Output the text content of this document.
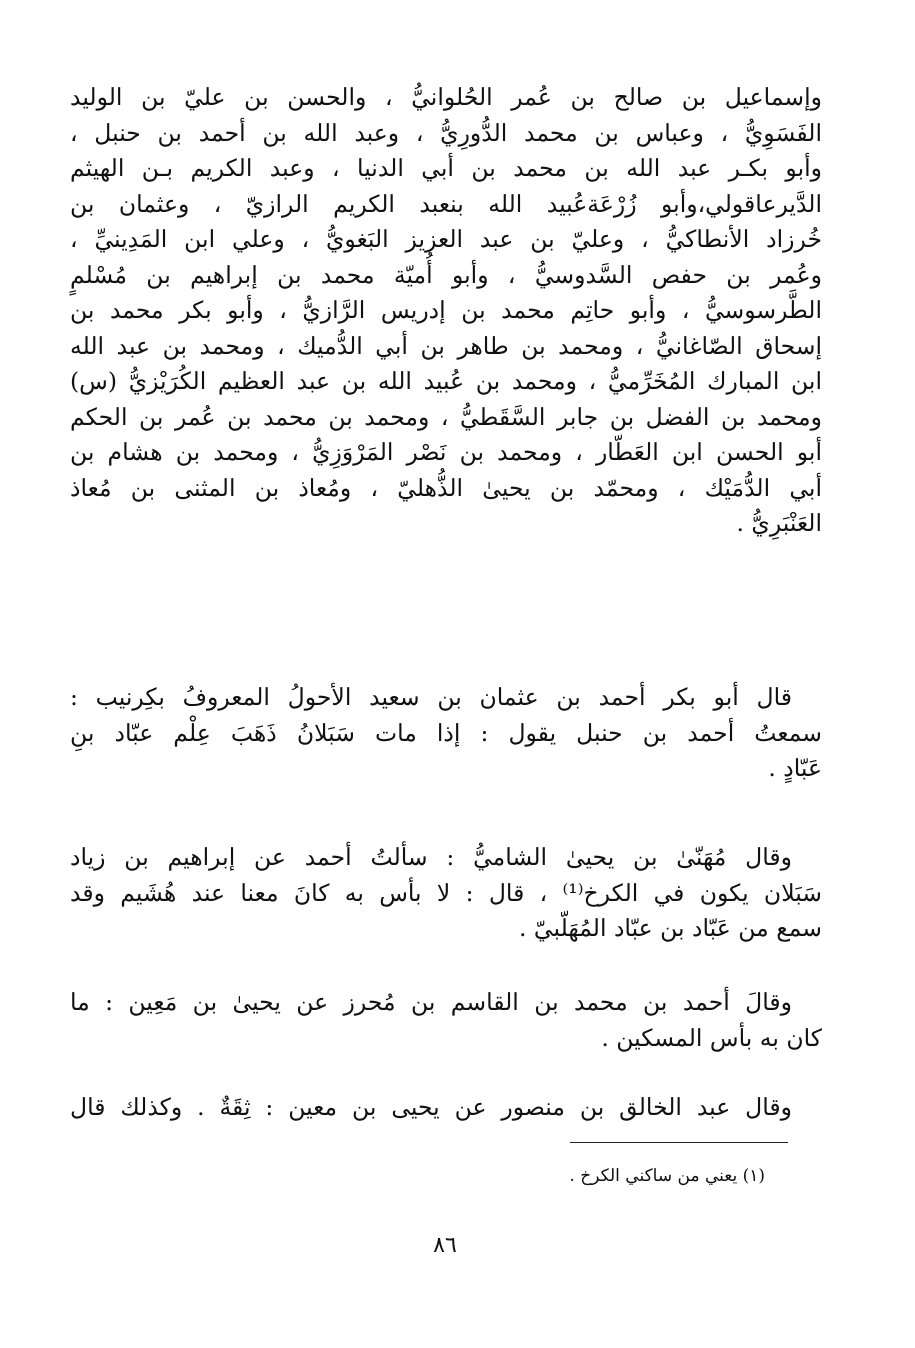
وإسماعيل بن صالح بن عُمر الحُلوانيُّ ، والحسن بن عليّ بن الوليد
الفَسَوِيُّ ، وعباس بن محمد الدُّورِيُّ ، وعبد الله بن أحمد بن حنبل ،
وأبو بكـر عبد الله بن محمد بن أبي الدنيا ، وعبد الكريم بـن الهيثم
الدَّيرعاقولي،وأبو زُرْعَةعُبيد الله بنعبد الكريم الرازيّ ، وعثمان بن
خُرزاد الأنطاكيُّ ، وعليّ بن عبد العزيز البَغويُّ ، وعلي ابن المَدِينيِّ ،
وعُمر بن حفص السَّدوسيُّ ، وأبو أُميّة محمد بن إبراهيم بن مُسْلمٍ
الطَّرسوسيُّ ، وأبو حاتِم محمد بن إدريس الرَّازيُّ ، وأبو بكر محمد بن
إسحاق الصّاغانيُّ ، ومحمد بن طاهر بن أبي الدُّميك ، ومحمد بن عبد الله
ابن المبارك المُخَرِّميُّ ، ومحمد بن عُبيد الله بن عبد العظيم الكُرَيْزيُّ (س)
ومحمد بن الفضل بن جابر السَّقَطيُّ ، ومحمد بن محمد بن عُمر بن الحكم
أبو الحسن ابن العَطّار ، ومحمد بن نَصْر المَرْوَزِيُّ ، ومحمد بن هشام بن
أبي الدُّمَيْك ، ومحمّد بن يحيىٰ الذُّهليّ ، ومُعاذ بن المثنى بن مُعاذ
العَنْبَرِيُّ .
قال أبو بكر أحمد بن عثمان بن سعيد الأحولُ المعروفُ بكِرنيب :
سمعتُ أحمد بن حنبل يقول : إذا مات سَبَلانُ ذَهَبَ عِلْم عبّاد بنِ
عَبّادٍ .
وقال مُهَنّىٰ بن يحيىٰ الشاميُّ : سألتُ أحمد عن إبراهيم بن زياد
سَبَلان يكون في الكرخ⁽¹⁾ ، قال : لا بأس به كانَ معنا عند هُشَيم وقد
سمع من عَبّاد بن عبّاد المُهَلّبيّ .
وقالَ أحمد بن محمد بن القاسم بن مُحرز عن يحيىٰ بن مَعِين : ما
كان به بأس المسكين .
وقال عبد الخالق بن منصور عن يحيى بن معين : ثِقَةٌ . وكذلك قال
(١) يعني من ساكني الكرخ .
٨٦
